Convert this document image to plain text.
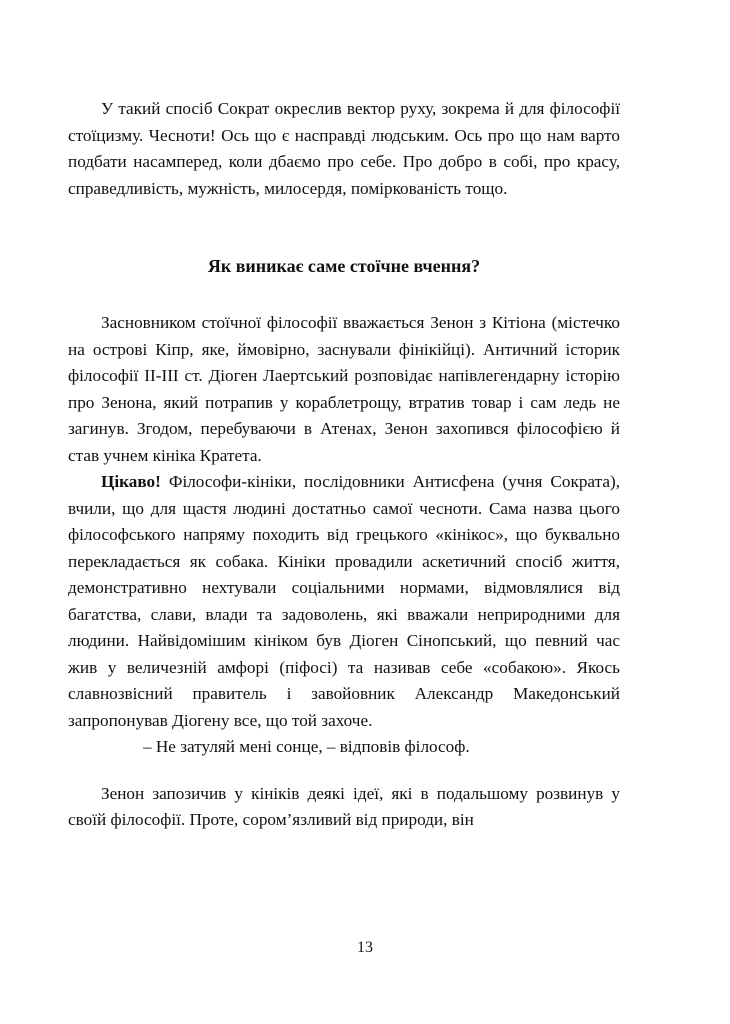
У такий спосіб Сократ окреслив вектор руху, зокрема й для філософії стоїцизму. Чесноти! Ось що є насправді людським. Ось про що нам варто подбати насамперед, коли дбаємо про себе. Про добро в собі, про красу, справедливість, мужність, милосердя, поміркованість тощо.

Як виникає саме стоїчне вчення?

Засновником стоїчної філософії вважається Зенон з Кітіона (містечко на острові Кіпр, яке, ймовірно, заснували фінікійці). Античний історик філософії ІІ-ІІІ ст. Діоген Лаертський розповідає напівлегендарну історію про Зенона, який потрапив у кораблетрощу, втратив товар і сам ледь не загинув. Згодом, перебуваючи в Атенах, Зенон захопився філософією й став учнем кініка Кратета.

Цікаво! Філософи-кініки, послідовники Антисфена (учня Сократа), вчили, що для щастя людині достатньо самої чесноти. Сама назва цього філософського напряму походить від грецького «кінікос», що буквально перекладається як собака. Кініки провадили аскетичний спосіб життя, демонстративно нехтували соціальними нормами, відмовлялися від багатства, слави, влади та задоволень, які вважали неприродними для людини. Найвідомішим кініком був Діоген Сінопський, що певний час жив у величезній амфорі (піфосі) та називав себе «собакою». Якось славнозвісний правитель і завойовник Александр Македонський запропонував Діогену все, що той захоче.

– Не затуляй мені сонце, – відповів філософ.

Зенон запозичив у кініків деякі ідеї, які в подальшому розвинув у своїй філософії. Проте, сором’язливий від природи, він

13
